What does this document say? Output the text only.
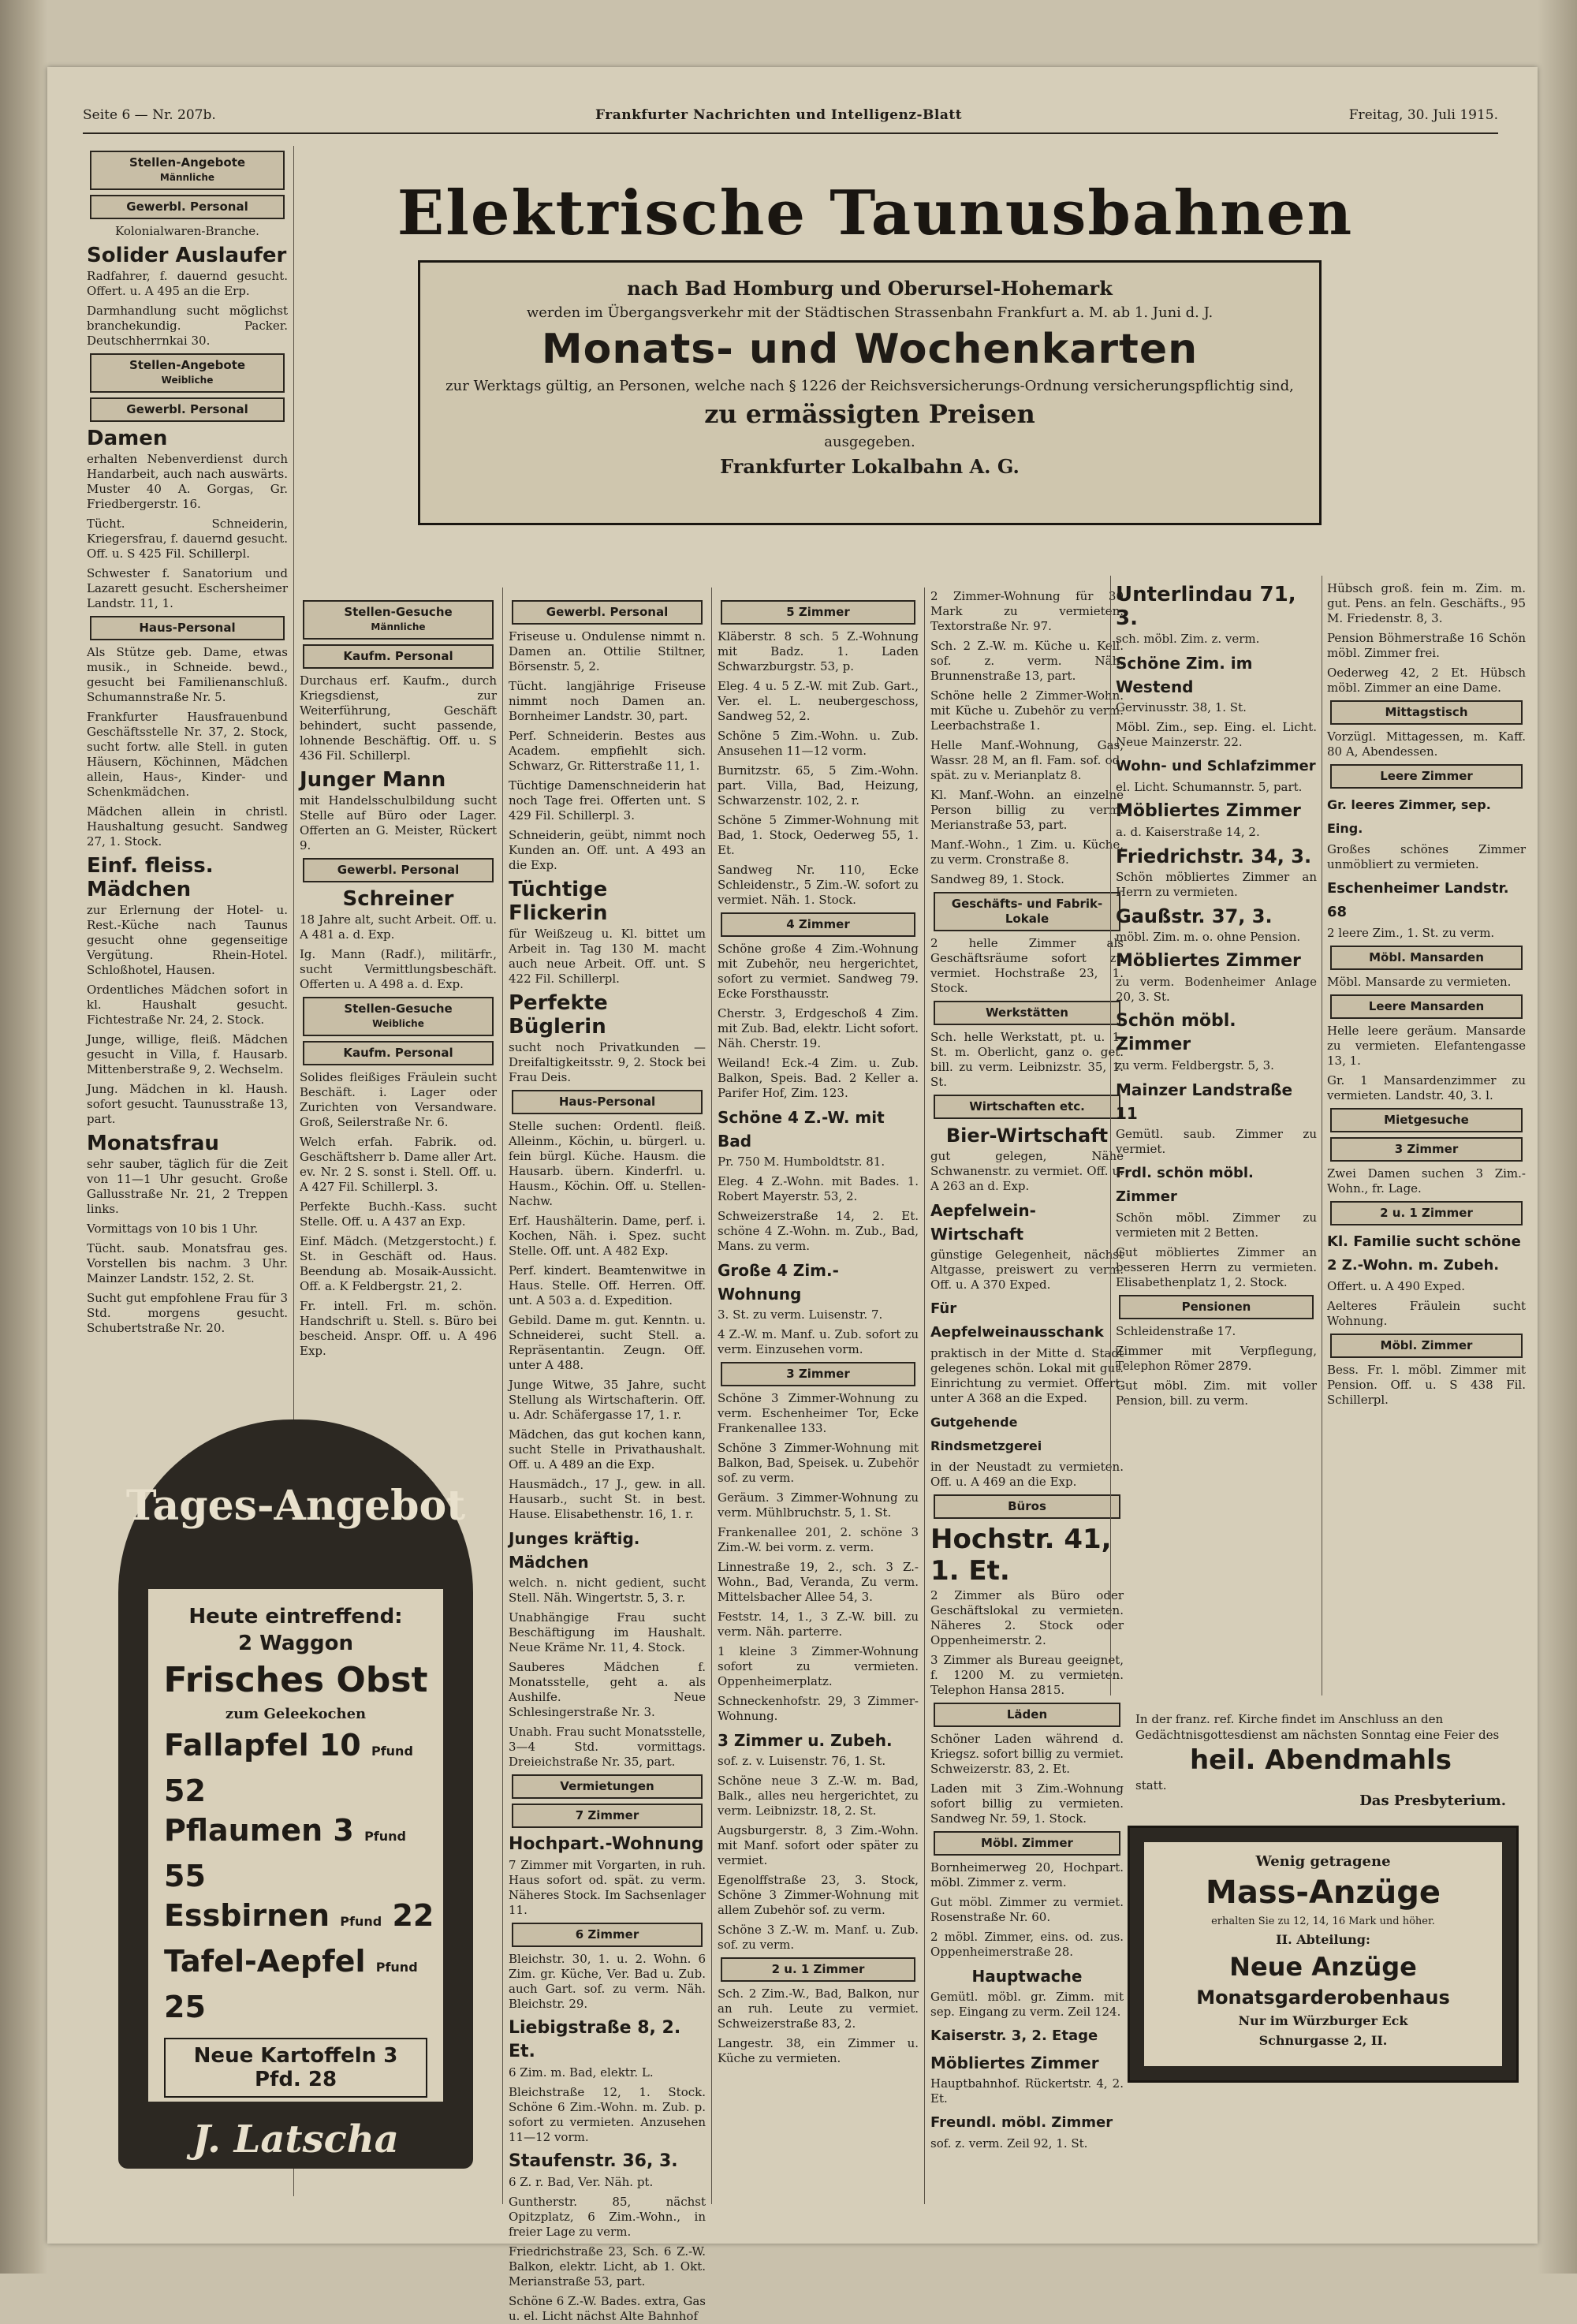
Seite 6 — Nr. 207b.	Frankfurter Nachrichten und Intelligenz-Blatt	Freitag, 30. Juli 1915.
Elektrische Taunusbahnen
nach Bad Homburg und Oberursel-Hohemark
werden im Übergangsverkehr mit der Städtischen Strassenbahn Frankfurt a. M. ab 1. Juni d. J.
Monats- und Wochenkarten
zur Werktags gültig, an Personen, welche nach § 1226 der Reichsversicherungs-Ordnung versicherungspflichtig sind,
zu ermässigten Preisen
ausgegeben.
Frankfurter Lokalbahn A. G.
Stellen-Angebote
Männliche
Gewerbl. Personal
Kolonialwaren-Branche.
Solider Auslaufer
Radfahrer, f. dauernd gesucht. Offert. u. A 495 an die Erp.
Darmhandlung sucht möglichst branchekundig. Packer. Deutschherrnkai 30.
Stellen-Angebote
Weibliche
Gewerbl. Personal
Damen
erhalten Nebenverdienst durch Handarbeit, auch nach auswärts. Muster 40 A. Gorgas, Gr. Friedbergerstr. 16.
Tücht. Schneiderin, Kriegersfrau, f. dauernd gesucht. Off. u. S 425 Fil. Schillerpl.
Schwester f. Sanatorium und Lazarett gesucht. Eschersheimer Landstr. 11, 1.
Haus-Personal
Als Stütze geb. Dame, etwas musik., in Schneide. bewd., gesucht bei Familienanschluß. Schumannstraße Nr. 5.
Frankfurter Hausfrauenbund Geschäftsstelle Nr. 37, 2. Stock, sucht fortw. alle Stell. in guten Häusern, Köchinnen, Mädchen allein, Haus-, Kinder- und Schenkmädchen.
Mädchen allein in christl. Haushaltung gesucht. Sandweg 27, 1. Stock.
Einf. fleiss. Mädchen
zur Erlernung der Hotel- u. Rest.-Küche nach Taunus gesucht ohne gegenseitige Vergütung. Rhein-Hotel. Schloßhotel, Hausen.
Ordentliches Mädchen sofort in kl. Haushalt gesucht. Fichtestraße Nr. 24, 2. Stock.
Junge, willige, fleiß. Mädchen gesucht in Villa, f. Hausarb. Mittenberstraße 9, 2. Wechselm.
Jung. Mädchen in kl. Haush. sofort gesucht. Taunusstraße 13, part.
Monatsfrau
sehr sauber, täglich für die Zeit von 11—1 Uhr gesucht. Große Gallusstraße Nr. 21, 2 Treppen links.
Vormittags von 10 bis 1 Uhr.
Tücht. saub. Monatsfrau ges. Vorstellen bis nachm. 3 Uhr. Mainzer Landstr. 152, 2. St.
Sucht gut empfohlene Frau für 3 Std. morgens gesucht. Schubertstraße Nr. 20.
Tages-Angebot
Heute eintreffend:
2 Waggon
Frisches Obst
zum Geleekochen
Fallapfel 10 Pfund 52
Pflaumen 3 Pfund 55
Essbirnen Pfund 22
Tafel-Aepfel Pfund 25
Neue Kartoffeln 3 Pfd. 28
J. Latscha
Stellen-Gesuche
Männliche
Kaufm. Personal
Durchaus erf. Kaufm., durch Kriegsdienst, zur Weiterführung, Geschäft behindert, sucht passende, lohnende Beschäftig. Off. u. S 436 Fil. Schillerpl.
Junger Mann
mit Handelsschulbildung sucht Stelle auf Büro oder Lager. Offerten an G. Meister, Rückert 9.
Gewerbl. Personal
Schreiner
18 Jahre alt, sucht Arbeit. Off. u. A 481 a. d. Exp.
Ig. Mann (Radf.), militärfr., sucht Vermittlungsbeschäft. Offerten u. A 498 a. d. Exp.
Stellen-Gesuche
Weibliche
Kaufm. Personal
Solides fleißiges Fräulein sucht Beschäft. i. Lager oder Zurichten von Versandware. Groß, Seilerstraße Nr. 6.
Welch erfah. Fabrik. od. Geschäftsherr b. Dame aller Art. ev. Nr. 2 S. sonst i. Stell. Off. u. A 427 Fil. Schillerpl. 3.
Perfekte Buchh.-Kass. sucht Stelle. Off. u. A 437 an Exp.
Einf. Mädch. (Metzgerstocht.) f. St. in Geschäft od. Haus. Beendung ab. Mosaik-Aussicht. Off. a. K Feldbergstr. 21, 2.
Fr. intell. Frl. m. schön. Handschrift u. Stell. s. Büro bei bescheid. Anspr. Off. u. A 496 Exp.
Gewerbl. Personal
Friseuse u. Ondulense nimmt n. Damen an. Ottilie Stiltner, Börsenstr. 5, 2.
Tücht. langjährige Friseuse nimmt noch Damen an. Bornheimer Landstr. 30, part.
Perf. Schneiderin. Bestes aus Academ. empfiehlt sich. Schwarz, Gr. Ritterstraße 11, 1.
Tüchtige Damenschneiderin hat noch Tage frei. Offerten unt. S 429 Fil. Schillerpl. 3.
Schneiderin, geübt, nimmt noch Kunden an. Off. unt. A 493 an die Exp.
Tüchtige Flickerin
für Weißzeug u. Kl. bittet um Arbeit in. Tag 130 M. macht auch neue Arbeit. Off. unt. S 422 Fil. Schillerpl.
Perfekte Büglerin
sucht noch Privatkunden — Dreifaltigkeitsstr. 9, 2. Stock bei Frau Deis.
Haus-Personal
Stelle suchen: Ordentl. fleiß. Alleinm., Köchin, u. bürgerl. u. fein bürgl. Küche. Hausm. die Hausarb. übern. Kinderfrl. u. Hausm., Köchin. Off. u. Stellen-Nachw.
Erf. Haushälterin. Dame, perf. i. Kochen, Näh. i. Spez. sucht Stelle. Off. unt. A 482 Exp.
Perf. kindert. Beamtenwitwe in Haus. Stelle. Off. Herren. Off. unt. A 503 a. d. Expedition.
Gebild. Dame m. gut. Kenntn. u. Schneiderei, sucht Stell. a. Repräsentantin. Zeugn. Off. unter A 488.
Junge Witwe, 35 Jahre, sucht Stellung als Wirtschafterin. Off. u. Adr. Schäfergasse 17, 1. r.
Mädchen, das gut kochen kann, sucht Stelle in Privathaushalt. Off. u. A 489 an die Exp.
Hausmädch., 17 J., gew. in all. Hausarb., sucht St. in best. Hause. Elisabethenstr. 16, 1. r.
Junges kräftig. Mädchen
welch. n. nicht gedient, sucht Stell. Näh. Wingertstr. 5, 3. r.
Unabhängige Frau sucht Beschäftigung im Haushalt. Neue Kräme Nr. 11, 4. Stock.
Sauberes Mädchen f. Monatsstelle, geht a. als Aushilfe. Neue Schlesingerstraße Nr. 3.
Unabh. Frau sucht Monatsstelle, 3—4 Std. vormittags. Dreieichstraße Nr. 35, part.
Vermietungen
7 Zimmer
Hochpart.-Wohnung
7 Zimmer mit Vorgarten, in ruh. Haus sofort od. spät. zu verm. Näheres Stock. Im Sachsenlager 11.
6 Zimmer
Bleichstr. 30, 1. u. 2. Wohn. 6 Zim. gr. Küche, Ver. Bad u. Zub. auch Gart. sof. zu verm. Näh. Bleichstr. 29.
Liebigstraße 8, 2. Et.
6 Zim. m. Bad, elektr. L.
Bleichstraße 12, 1. Stock. Schöne 6 Zim.-Wohn. m. Zub. p. sofort zu vermieten. Anzusehen 11—12 vorm.
Staufenstr. 36, 3.
6 Z. r. Bad, Ver. Näh. pt.
Guntherstr. 85, nächst Opitzplatz, 6 Zim.-Wohn., in freier Lage zu verm.
Friedrichstraße 23, Sch. 6 Z.-W. Balkon, elektr. Licht, ab 1. Okt. Merianstraße 53, part.
Schöne 6 Z.-W. Bades. extra, Gas u. el. Licht nächst Alte Bahnhof
5 Zimmer
Kläberstr. 8 sch. 5 Z.-Wohnung mit Badz. 1. Laden Schwarzburgstr. 53, p.
Eleg. 4 u. 5 Z.-W. mit Zub. Gart., Ver. el. L. neubergeschoss, Sandweg 52, 2.
Schöne 5 Zim.-Wohn. u. Zub. Ansusehen 11—12 vorm.
Burnitzstr. 65, 5 Zim.-Wohn. part. Villa, Bad, Heizung, Schwarzenstr. 102, 2. r.
Schöne 5 Zimmer-Wohnung mit Bad, 1. Stock, Oederweg 55, 1. Et.
Sandweg Nr. 110, Ecke Schleidenstr., 5 Zim.-W. sofort zu vermiet. Näh. 1. Stock.
4 Zimmer
Schöne große 4 Zim.-Wohnung mit Zubehör, neu hergerichtet, sofort zu vermiet. Sandweg 79. Ecke Forsthausstr.
Cherstr. 3, Erdgeschoß 4 Zim. mit Zub. Bad, elektr. Licht sofort. Näh. Cherstr. 19.
Weiland! Eck.-4 Zim. u. Zub. Balkon, Speis. Bad. 2 Keller a. Parifer Hof, Zim. 123.
Schöne 4 Z.-W. mit Bad
Pr. 750 M. Humboldtstr. 81.
Eleg. 4 Z.-Wohn. mit Bades. 1. Robert Mayerstr. 53, 2.
Schweizerstraße 14, 2. Et. schöne 4 Z.-Wohn. m. Zub., Bad, Mans. zu verm.
Große 4 Zim.-Wohnung
3. St. zu verm. Luisenstr. 7.
4 Z.-W. m. Manf. u. Zub. sofort zu verm. Einzusehen vorm.
3 Zimmer
Schöne 3 Zimmer-Wohnung zu verm. Eschenheimer Tor, Ecke Frankenallee 133.
Schöne 3 Zimmer-Wohnung mit Balkon, Bad, Speisek. u. Zubehör sof. zu verm.
Geräum. 3 Zimmer-Wohnung zu verm. Mühlbruchstr. 5, 1. St.
Frankenallee 201, 2. schöne 3 Zim.-W. bei vorm. z. verm.
Linnestraße 19, 2., sch. 3 Z.-Wohn., Bad, Veranda, Zu verm. Mittelsbacher Allee 54, 3.
Feststr. 14, 1., 3 Z.-W. bill. zu verm. Näh. parterre.
1 kleine 3 Zimmer-Wohnung sofort zu vermieten. Oppenheimerplatz.
Schneckenhofstr. 29, 3 Zimmer-Wohnung.
3 Zimmer u. Zubeh.
sof. z. v. Luisenstr. 76, 1. St.
Schöne neue 3 Z.-W. m. Bad, Balk., alles neu hergerichtet, zu verm. Leibnizstr. 18, 2. St.
Augsburgerstr. 8, 3 Zim.-Wohn. mit Manf. sofort oder später zu vermiet.
Egenolffstraße 23, 3. Stock, Schöne 3 Zimmer-Wohnung mit allem Zubehör sof. zu verm.
Schöne 3 Z.-W. m. Manf. u. Zub. sof. zu verm.
2 u. 1 Zimmer
Sch. 2 Zim.-W., Bad, Balkon, nur an ruh. Leute zu vermiet. Schweizerstraße 83, 2.
Langestr. 38, ein Zimmer u. Küche zu vermieten.
2 Zimmer-Wohnung für 30 Mark zu vermieten. Textorstraße Nr. 97.
Sch. 2 Z.-W. m. Küche u. Kell. sof. z. verm. Näh. Brunnenstraße 13, part.
Schöne helle 2 Zimmer-Wohn. mit Küche u. Zubehör zu verm. Leerbachstraße 1.
Helle Manf.-Wohnung, Gas, Wassr. 28 M, an fl. Fam. sof. od. spät. zu v. Merianplatz 8.
Kl. Manf.-Wohn. an einzelne Person billig zu verm. Merianstraße 53, part.
Manf.-Wohn., 1 Zim. u. Küche, zu verm. Cronstraße 8.
Sandweg 89, 1. Stock.
Geschäfts- und Fabrik-Lokale
2 helle Zimmer als Geschäftsräume sofort zu vermiet. Hochstraße 23, 1. Stock.
Werkstätten
Sch. helle Werkstatt, pt. u. 1. St. m. Oberlicht, ganz o. get. bill. zu verm. Leibnizstr. 35, 1. St.
Wirtschaften etc.
Bier-Wirtschaft
gut gelegen, Nähe Schwanenstr. zu vermiet. Off. u. A 263 an d. Exp.
Aepfelwein-Wirtschaft
günstige Gelegenheit, nächst Altgasse, preiswert zu verm. Off. u. A 370 Exped.
Für Aepfelweinausschank
praktisch in der Mitte d. Stadt gelegenes schön. Lokal mit gut. Einrichtung zu vermiet. Offert. unter A 368 an die Exped.
Gutgehende Rindsmetzgerei
in der Neustadt zu vermieten. Off. u. A 469 an die Exp.
Büros
Hochstr. 41, 1. Et.
2 Zimmer als Büro oder Geschäftslokal zu vermieten. Näheres 2. Stock oder Oppenheimerstr. 2.
3 Zimmer als Bureau geeignet, f. 1200 M. zu vermieten. Telephon Hansa 2815.
Läden
Schöner Laden während d. Kriegsz. sofort billig zu vermiet. Schweizerstr. 83, 2. Et.
Laden mit 3 Zim.-Wohnung sofort billig zu vermieten. Sandweg Nr. 59, 1. Stock.
Möbl. Zimmer
Bornheimerweg 20, Hochpart. möbl. Zimmer z. verm.
Gut möbl. Zimmer zu vermiet. Rosenstraße Nr. 60.
2 möbl. Zimmer, eins. od. zus. Oppenheimerstraße 28.
Hauptwache
Gemütl. möbl. gr. Zimm. mit sep. Eingang zu verm. Zeil 124.
Kaiserstr. 3, 2. Etage
Möbliertes Zimmer
Hauptbahnhof. Rückertstr. 4, 2. Et.
Freundl. möbl. Zimmer
sof. z. verm. Zeil 92, 1. St.
Unterlindau 71, 3.
sch. möbl. Zim. z. verm.
Schöne Zim. im Westend
Gervinusstr. 38, 1. St.
Möbl. Zim., sep. Eing. el. Licht. Neue Mainzerstr. 22.
Wohn- und Schlafzimmer
el. Licht. Schumannstr. 5, part.
Möbliertes Zimmer
a. d. Kaiserstraße 14, 2.
Friedrichstr. 34, 3.
Schön möbliertes Zimmer an Herrn zu vermieten.
Gaußstr. 37, 3.
möbl. Zim. m. o. ohne Pension.
Möbliertes Zimmer
zu verm. Bodenheimer Anlage 20, 3. St.
Schön möbl. Zimmer
zu verm. Feldbergstr. 5, 3.
Mainzer Landstraße 11
Gemütl. saub. Zimmer zu vermiet.
Frdl. schön möbl. Zimmer
Schön möbl. Zimmer zu vermieten mit 2 Betten.
Gut möbliertes Zimmer an besseren Herrn zu vermieten. Elisabethenplatz 1, 2. Stock.
Pensionen
Schleidenstraße 17.
Zimmer mit Verpflegung, Telephon Römer 2879.
Gut möbl. Zim. mit voller Pension, bill. zu verm.
Hübsch groß. fein m. Zim. m. gut. Pens. an feln. Geschäfts., 95 M. Friedenstr. 8, 3.
Pension Böhmerstraße 16 Schön möbl. Zimmer frei.
Oederweg 42, 2 Et. Hübsch möbl. Zimmer an eine Dame.
Mittagstisch
Vorzügl. Mittagessen, m. Kaff. 80 A, Abendessen.
Leere Zimmer
Gr. leeres Zimmer, sep. Eing.
Großes schönes Zimmer unmöbliert zu vermieten.
Eschenheimer Landstr. 68
2 leere Zim., 1. St. zu verm.
Möbl. Mansarden
Möbl. Mansarde zu vermieten.
Leere Mansarden
Helle leere geräum. Mansarde zu vermieten. Elefantengasse 13, 1.
Gr. 1 Mansardenzimmer zu vermieten. Landstr. 40, 3. l.
Mietgesuche
3 Zimmer
Zwei Damen suchen 3 Zim.-Wohn., fr. Lage.
2 u. 1 Zimmer
Kl. Familie sucht schöne 2 Z.-Wohn. m. Zubeh.
Offert. u. A 490 Exped.
Aelteres Fräulein sucht Wohnung.
Möbl. Zimmer
Bess. Fr. l. möbl. Zimmer mit Pension. Off. u. S 438 Fil. Schillerpl.
In der franz. ref. Kirche findet im Anschluss an den Gedächtnisgottesdienst am nächsten Sonntag eine Feier des
heil. Abendmahls
statt.
Das Presbyterium.
Wenig getragene
Mass-Anzüge
erhalten Sie zu 12, 14, 16 Mark und höher.
II. Abteilung:
Neue Anzüge
Monatsgarderobenhaus
Nur im Würzburger Eck
Schnurgasse 2, II.
